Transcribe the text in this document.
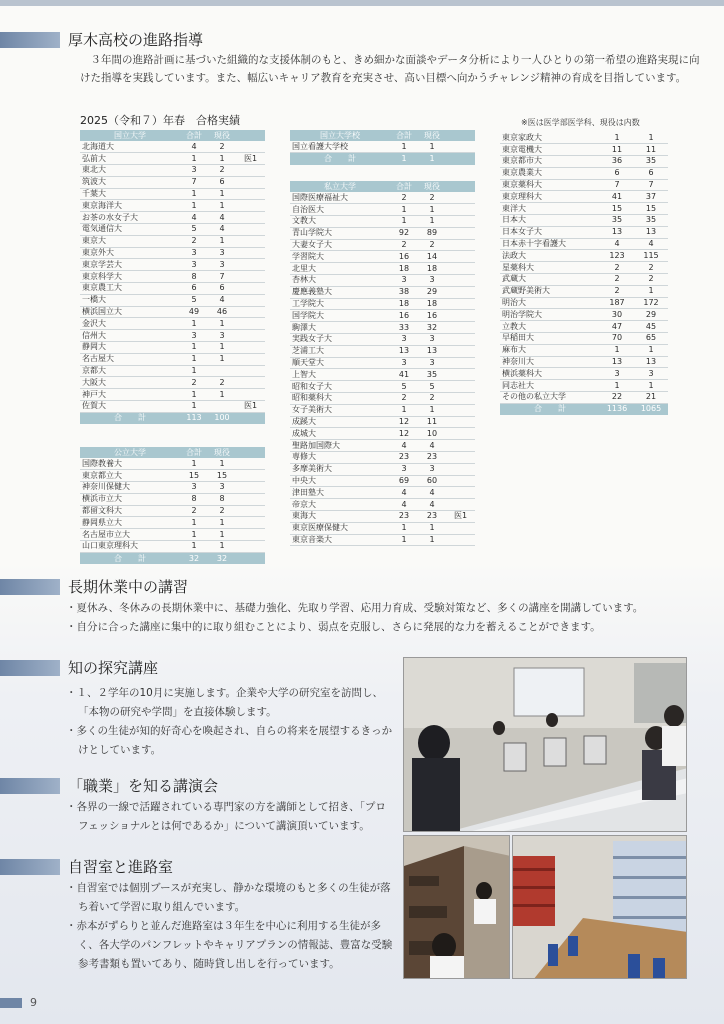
厚木高校の進路指導

３年間の進路計画に基づいた組織的な支援体制のもと、きめ細かな面談やデータ分析により一人ひとりの第一希望の進路実現に向けた指導を実践しています。また、幅広いキャリア教育を充実させ、高い目標へ向かうチャレンジ精神の育成を目指しています。

2025（令和７）年春　合格実績	※医は医学部医学科、現役は内数
国立大学	合計	現役	
北海道大	4	2	
弘前大	1	1	医1
東北大	3	2	
筑波大	7	6	
千葉大	1	1	
東京海洋大	1	1	
お茶の水女子大	4	4	
電気通信大	5	4	
東京大	2	1	
東京外大	3	3	
東京学芸大	3	3	
東京科学大	8	7	
東京農工大	6	6	
一橋大	5	4	
横浜国立大	49	46	
金沢大	1	1	
信州大	3	3	
静岡大	1	1	
名古屋大	1	1	
京都大	1		
大阪大	2	2	
神戸大	1	1	
佐賀大	1		医1
合　　計	113	100	
公立大学	合計	現役	
国際教養大	1	1	
東京都立大	15	15	
神奈川保健大	3	3	
横浜市立大	8	8	
都留文科大	2	2	
静岡県立大	1	1	
名古屋市立大	1	1	
山口東京理科大	1	1	
合　　計	32	32	
国立大学校	合計	現役	
国立看護大学校	1	1	
合　　計	1	1	
私立大学	合計	現役	
国際医療福祉大	2	2	
自治医大	1	1	
文教大	1	1	
青山学院大	92	89	
大妻女子大	2	2	
学習院大	16	14	
北里大	18	18	
杏林大	3	3	
慶應義塾大	38	29	
工学院大	18	18	
国学院大	16	16	
駒澤大	33	32	
実践女子大	3	3	
芝浦工大	13	13	
順天堂大	3	3	
上智大	41	35	
昭和女子大	5	5	
昭和薬科大	2	2	
女子美術大	1	1	
成蹊大	12	11	
成城大	12	10	
聖路加国際大	4	4	
専修大	23	23	
多摩美術大	3	3	
中央大	69	60	
津田塾大	4	4	
帝京大	4	4	
東海大	23	23	医1
東京医療保健大	1	1	
東京音楽大	1	1	
東京家政大	1	1
東京電機大	11	11
東京都市大	36	35
東京農業大	6	6
東京薬科大	7	7
東京理科大	41	37
東洋大	15	15
日本大	35	35
日本女子大	13	13
日本赤十字看護大	4	4
法政大	123	115
星薬科大	2	2
武蔵大	2	2
武蔵野美術大	2	1
明治大	187	172
明治学院大	30	29
立教大	47	45
早稲田大	70	65
麻布大	1	1
神奈川大	13	13
横浜薬科大	3	3
同志社大	1	1
その他の私立大学	22	21
合　　計	1136	1065
長期休業中の講習
・夏休み、冬休みの長期休業中に、基礎力強化、先取り学習、応用力育成、受験対策など、多くの講座を開講しています。
・自分に合った講座に集中的に取り組むことにより、弱点を克服し、さらに発展的な力を蓄えることができます。
知の探究講座
・１、２学年の10月に実施します。企業や大学の研究室を訪問し、「本物の研究や学問」を直接体験します。
・多くの生徒が知的好奇心を喚起され、自らの将来を展望するきっかけとしています。
「職業」を知る講演会
・各界の一線で活躍されている専門家の方を講師として招き、「プロフェッショナルとは何であるか」について講演頂いています。
自習室と進路室
・自習室では個別ブースが充実し、静かな環境のもと多くの生徒が落ち着いて学習に取り組んでいます。
・赤本がずらりと並んだ進路室は３年生を中心に利用する生徒が多く、各大学のパンフレットやキャリアプランの情報誌、豊富な受験参考書類も置いてあり、随時貸し出しを行っています。
9
